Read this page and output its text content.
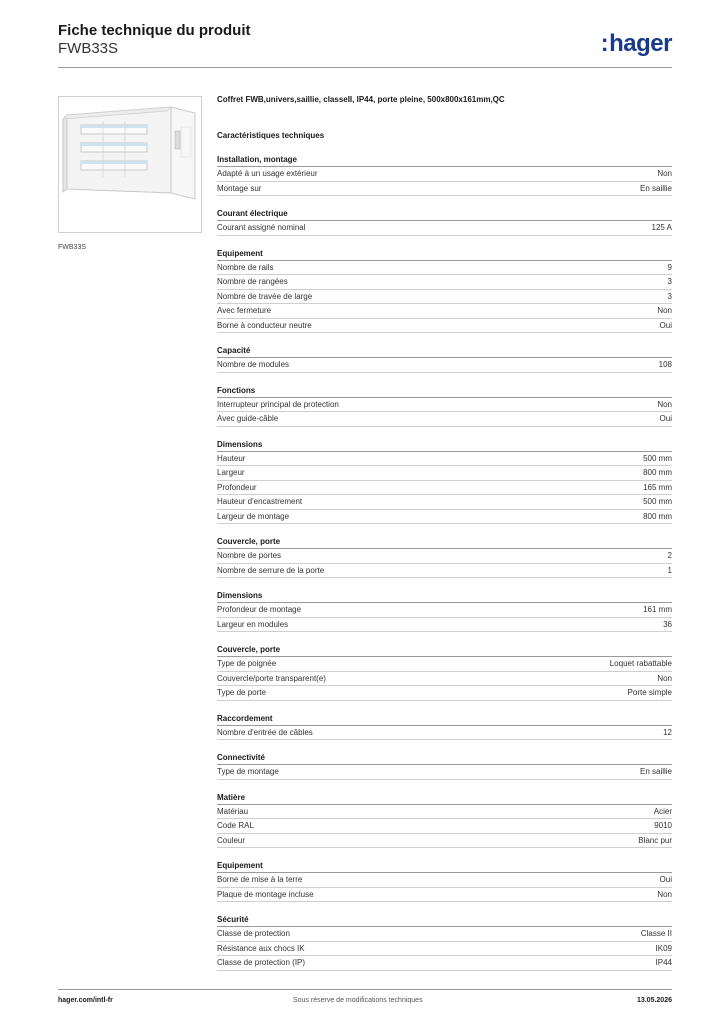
Fiche technique du produit
FWB33S	:hager
FWB33S
Coffret FWB,univers,saillie, classeII, IP44, porte pleine, 500x800x161mm,QC
Caractéristiques techniques
Installation, montage
Adapté à un usage extérieur	Non
Montage sur	En saillie
Courant électrique
Courant assigné nominal	125 A
Equipement
Nombre de rails	9
Nombre de rangées	3
Nombre de travée de large	3
Avec fermeture	Non
Borne à conducteur neutre	Oui
Capacité
Nombre de modules	108
Fonctions
Interrupteur principal de protection	Non
Avec guide-câble	Oui
Dimensions
Hauteur	500 mm
Largeur	800 mm
Profondeur	165 mm
Hauteur d'encastrement	500 mm
Largeur de montage	800 mm
Couvercle, porte
Nombre de portes	2
Nombre de serrure de la porte	1
Dimensions
Profondeur de montage	161 mm
Largeur en modules	36
Couvercle, porte
Type de poignée	Loquet rabattable
Couvercle/porte transparent(e)	Non
Type de porte	Porte simple
Raccordement
Nombre d'entrée de câbles	12
Connectivité
Type de montage	En saillie
Matière
Matériau	Acier
Code RAL	9010
Couleur	Blanc pur
Equipement
Borne de mise à la terre	Oui
Plaque de montage incluse	Non
Sécurité
Classe de protection	Classe II
Résistance aux chocs IK	IK09
Classe de protection (IP)	IP44
hager.com/intl-fr	Sous réserve de modifications techniques	13.05.2026
